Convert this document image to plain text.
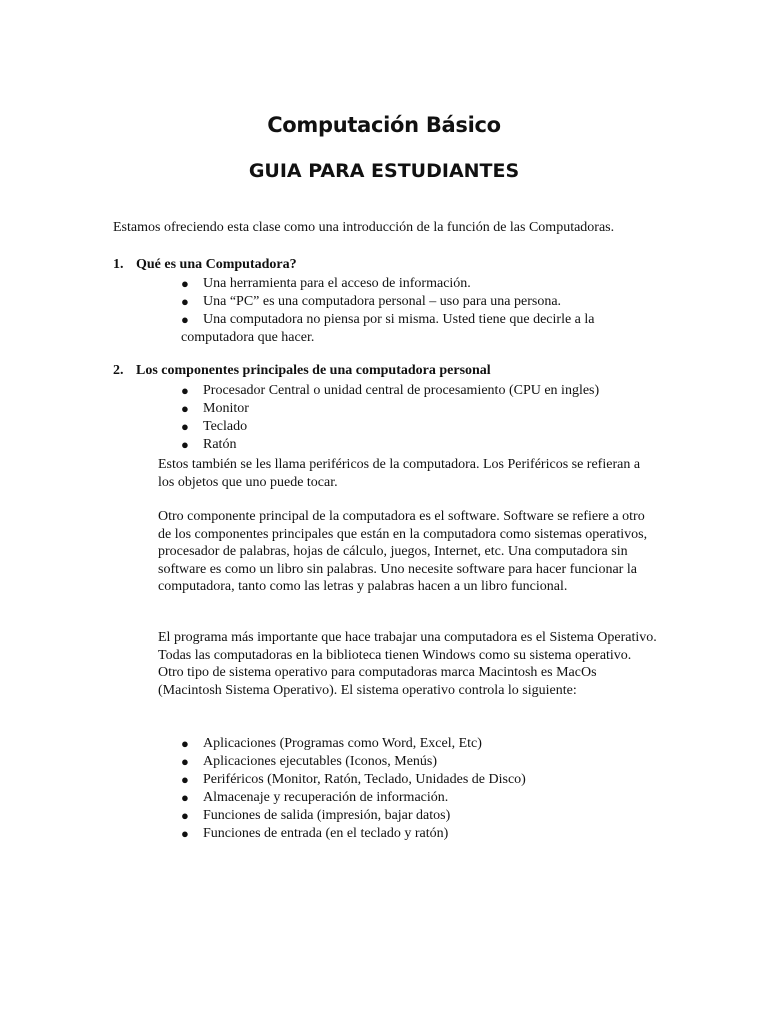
Computación Básico
GUIA PARA ESTUDIANTES

Estamos ofreciendo esta clase como una introducción de la función de las Computadoras.

1. Qué es una Computadora?

● Una herramienta para el acceso de información.
● Una “PC” es una computadora personal – uso para una persona.
● Una computadora no piensa por si misma. Usted tiene que decirle a la computadora que hacer.

2. Los componentes principales de una computadora personal

● Procesador Central o unidad central de procesamiento (CPU en ingles)
● Monitor
● Teclado
● Ratón

Estos también se les llama periféricos de la computadora. Los Periféricos se refieran a los objetos que uno puede tocar.

Otro componente principal de la computadora es el software. Software se refiere a otro de los componentes principales que están en la computadora como sistemas operativos, procesador de palabras, hojas de cálculo, juegos, Internet, etc. Una computadora sin software es como un libro sin palabras. Uno necesite software para hacer funcionar la computadora, tanto como las letras y palabras hacen a un libro funcional.

El programa más importante que hace trabajar una computadora es el Sistema Operativo. Todas las computadoras en la biblioteca tienen Windows como su sistema operativo. Otro tipo de sistema operativo para computadoras marca Macintosh es MacOs (Macintosh Sistema Operativo). El sistema operativo controla lo siguiente:

● Aplicaciones (Programas como Word, Excel, Etc)
● Aplicaciones ejecutables (Iconos, Menús)
● Periféricos (Monitor, Ratón, Teclado, Unidades de Disco)
● Almacenaje y recuperación de información.
● Funciones de salida (impresión, bajar datos)
● Funciones de entrada (en el teclado y ratón)
